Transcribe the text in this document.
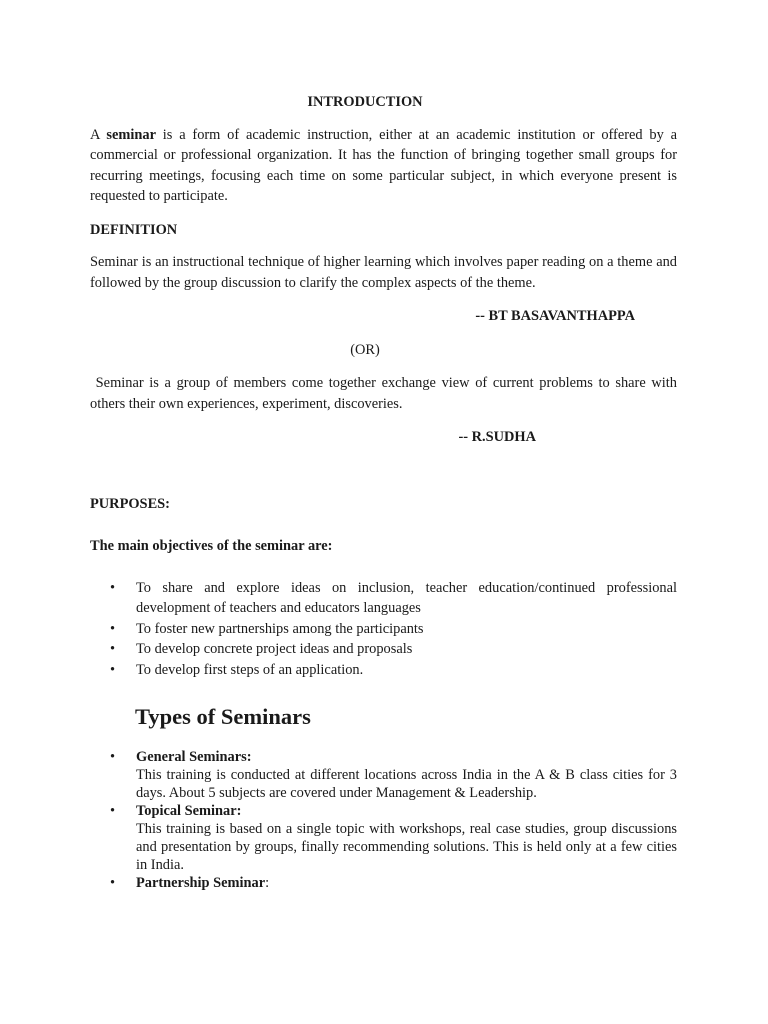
INTRODUCTION

A seminar is a form of academic instruction, either at an academic institution or offered by a commercial or professional organization. It has the function of bringing together small groups for recurring meetings, focusing each time on some particular subject, in which everyone present is requested to participate.

DEFINITION

Seminar is an instructional technique of higher learning which involves paper reading on a theme and followed by the group discussion to clarify the complex aspects of the theme.

-- BT BASAVANTHAPPA
(OR)

Seminar is a group of members come together exchange view of current problems to share with others their own experiences, experiment, discoveries.

-- R.SUDHA
PURPOSES:
The main objectives of the seminar are:
• To share and explore ideas on inclusion, teacher education/continued professional development of teachers and educators languages
• To foster new partnerships among the participants
• To develop concrete project ideas and proposals
• To develop first steps of an application.
Types of Seminars
• General Seminars:
This training is conducted at different locations across India in the A & B class cities for 3 days. About 5 subjects are covered under Management & Leadership.
• Topical Seminar:
This training is based on a single topic with workshops, real case studies, group discussions and presentation by groups, finally recommending solutions. This is held only at a few cities in India.
• Partnership Seminar:
